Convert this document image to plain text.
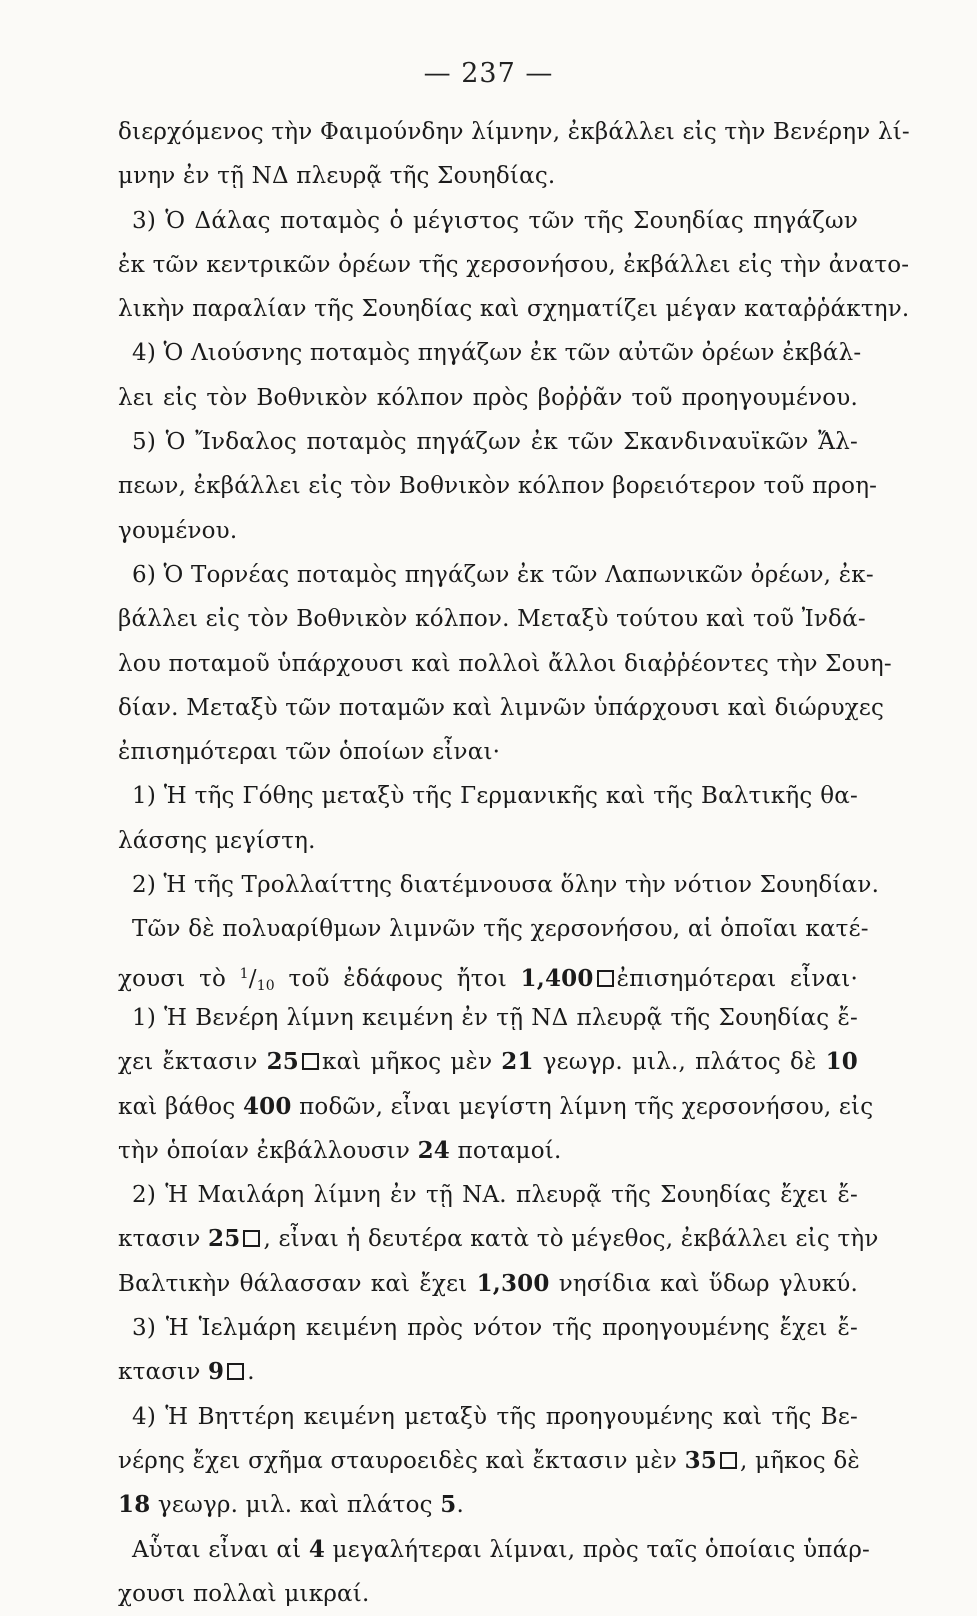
— 237 —
διερχόμενος τὴν Φαιμούνδην λίμνην, ἐκβάλλει εἰς τὴν Βενέρην λί-
μνην ἐν τῇ ΝΔ πλευρᾷ τῆς Σουηδίας.
3) Ὁ Δάλας ποταμὸς ὁ μέγιστος τῶν τῆς Σουηδίας πηγάζων
ἐκ τῶν κεντρικῶν ὀρέων τῆς χερσονήσου, ἐκβάλλει εἰς τὴν ἀνατο-
λικὴν παραλίαν τῆς Σουηδίας καὶ σχηματίζει μέγαν καταῤῥάκτην.
4) Ὁ Λιούσνης ποταμὸς πηγάζων ἐκ τῶν αὐτῶν ὀρέων ἐκβάλ-
λει εἰς τὸν Βοθνικὸν κόλπον πρὸς βοῤῥᾶν τοῦ προηγουμένου.
5) Ὁ Ἴνδαλος ποταμὸς πηγάζων ἐκ τῶν Σκανδιναυϊκῶν Ἄλ-
πεων, ἐκβάλλει εἰς τὸν Βοθνικὸν κόλπον βορειότερον τοῦ προη-
γουμένου.
6) Ὁ Τορνέας ποταμὸς πηγάζων ἐκ τῶν Λαπωνικῶν ὀρέων, ἐκ-
βάλλει εἰς τὸν Βοθνικὸν κόλπον. Μεταξὺ τούτου καὶ τοῦ Ἰνδά-
λου ποταμοῦ ὑπάρχουσι καὶ πολλοὶ ἄλλοι διαῤῥέοντες τὴν Σουη-
δίαν. Μεταξὺ τῶν ποταμῶν καὶ λιμνῶν ὑπάρχουσι καὶ διώρυχες
ἐπισημότεραι τῶν ὁποίων εἶναι·
1) Ἡ τῆς Γόθης μεταξὺ τῆς Γερμανικῆς καὶ τῆς Βαλτικῆς θα-
λάσσης μεγίστη.
2) Ἡ τῆς Τρολλαίττης διατέμνουσα ὅλην τὴν νότιον Σουηδίαν.
Τῶν δὲ πολυαρίθμων λιμνῶν τῆς χερσονήσου, αἱ ὁποῖαι κατέ-
χουσι τὸ $^1$/10 τοῦ ἐδάφους ἤτοι 1,400 ἐπισημότεραι εἶναι·
1) Ἡ Βενέρη λίμνη κειμένη ἐν τῇ ΝΔ πλευρᾷ τῆς Σουηδίας ἔ-
χει ἔκτασιν 25 καὶ μῆκος μὲν 21 γεωγρ. μιλ., πλάτος δὲ 10
καὶ βάθος 400 ποδῶν, εἶναι μεγίστη λίμνη τῆς χερσονήσου, εἰς
τὴν ὁποίαν ἐκβάλλουσιν 24 ποταμοί.
2) Ἡ Μαιλάρη λίμνη ἐν τῇ ΝΑ. πλευρᾷ τῆς Σουηδίας ἔχει ἔ-
κτασιν 25 , εἶναι ἡ δευτέρα κατὰ τὸ μέγεθος, ἐκβάλλει εἰς τὴν
Βαλτικὴν θάλασσαν καὶ ἔχει 1,300 νησίδια καὶ ὕδωρ γλυκύ.
3) Ἡ Ἱελμάρη κειμένη πρὸς νότον τῆς προηγουμένης ἔχει ἔ-
κτασιν 9 .
4) Ἡ Βηττέρη κειμένη μεταξὺ τῆς προηγουμένης καὶ τῆς Βε-
νέρης ἔχει σχῆμα σταυροειδὲς καὶ ἔκτασιν μὲν 35 , μῆκος δὲ
18 γεωγρ. μιλ. καὶ πλάτος 5.
Αὗται εἶναι αἱ 4 μεγαλήτεραι λίμναι, πρὸς ταῖς ὁποίαις ὑπάρ-
χουσι πολλαὶ μικραί.
